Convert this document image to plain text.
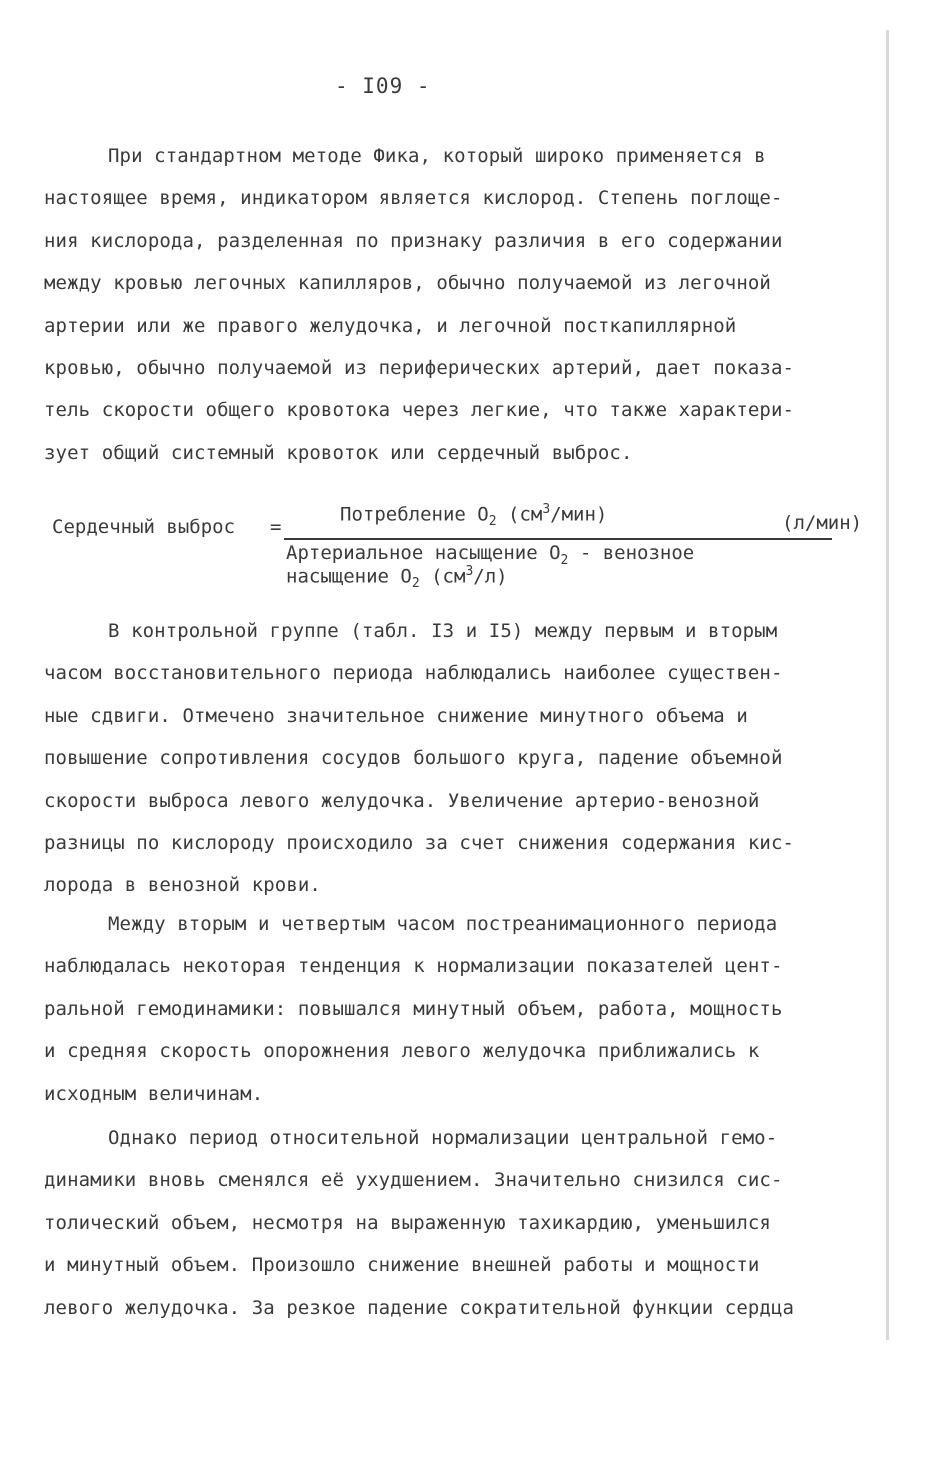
- I09 -
При стандартном методе Фика, который широко применяется в
настоящее время, индикатором является кислород. Степень поглоще-
ния кислорода, разделенная по признаку различия в его содержании
между кровью легочных капилляров, обычно получаемой из легочной
артерии или же правого желудочка, и легочной посткапиллярной
кровью, обычно получаемой из периферических артерий, дает показа-
тель скорости общего кровотока через легкие, что также характери-
зует общий системный кровоток или сердечный выброс.
Сердечный выброс =
Потребление $O_2$ $(см^3/мин)$
Артериальное насыщение $O_2$ - венозное
насыщение $O_2$ $(см^3/л)$
(л/мин)
В контрольной группе (табл. I3 и I5) между первым и вторым
часом восстановительного периода наблюдались наиболее существен-
ные сдвиги. Отмечено значительное снижение минутного объема и
повышение сопротивления сосудов большого круга, падение объемной
скорости выброса левого желудочка. Увеличение артерио-венозной
разницы по кислороду происходило за счет снижения содержания кис-
лорода в венозной крови.
Между вторым и четвертым часом постреанимационного периода
наблюдалась некоторая тенденция к нормализации показателей цент-
ральной гемодинамики: повышался минутный объем, работа, мощность
и средняя скорость опорожнения левого желудочка приближались к
исходным величинам.
Однако период относительной нормализации центральной гемо-
динамики вновь сменялся её ухудшением. Значительно снизился сис-
толический объем, несмотря на выраженную тахикардию, уменьшился
и минутный объем. Произошло снижение внешней работы и мощности
левого желудочка. За резкое падение сократительной функции сердца
